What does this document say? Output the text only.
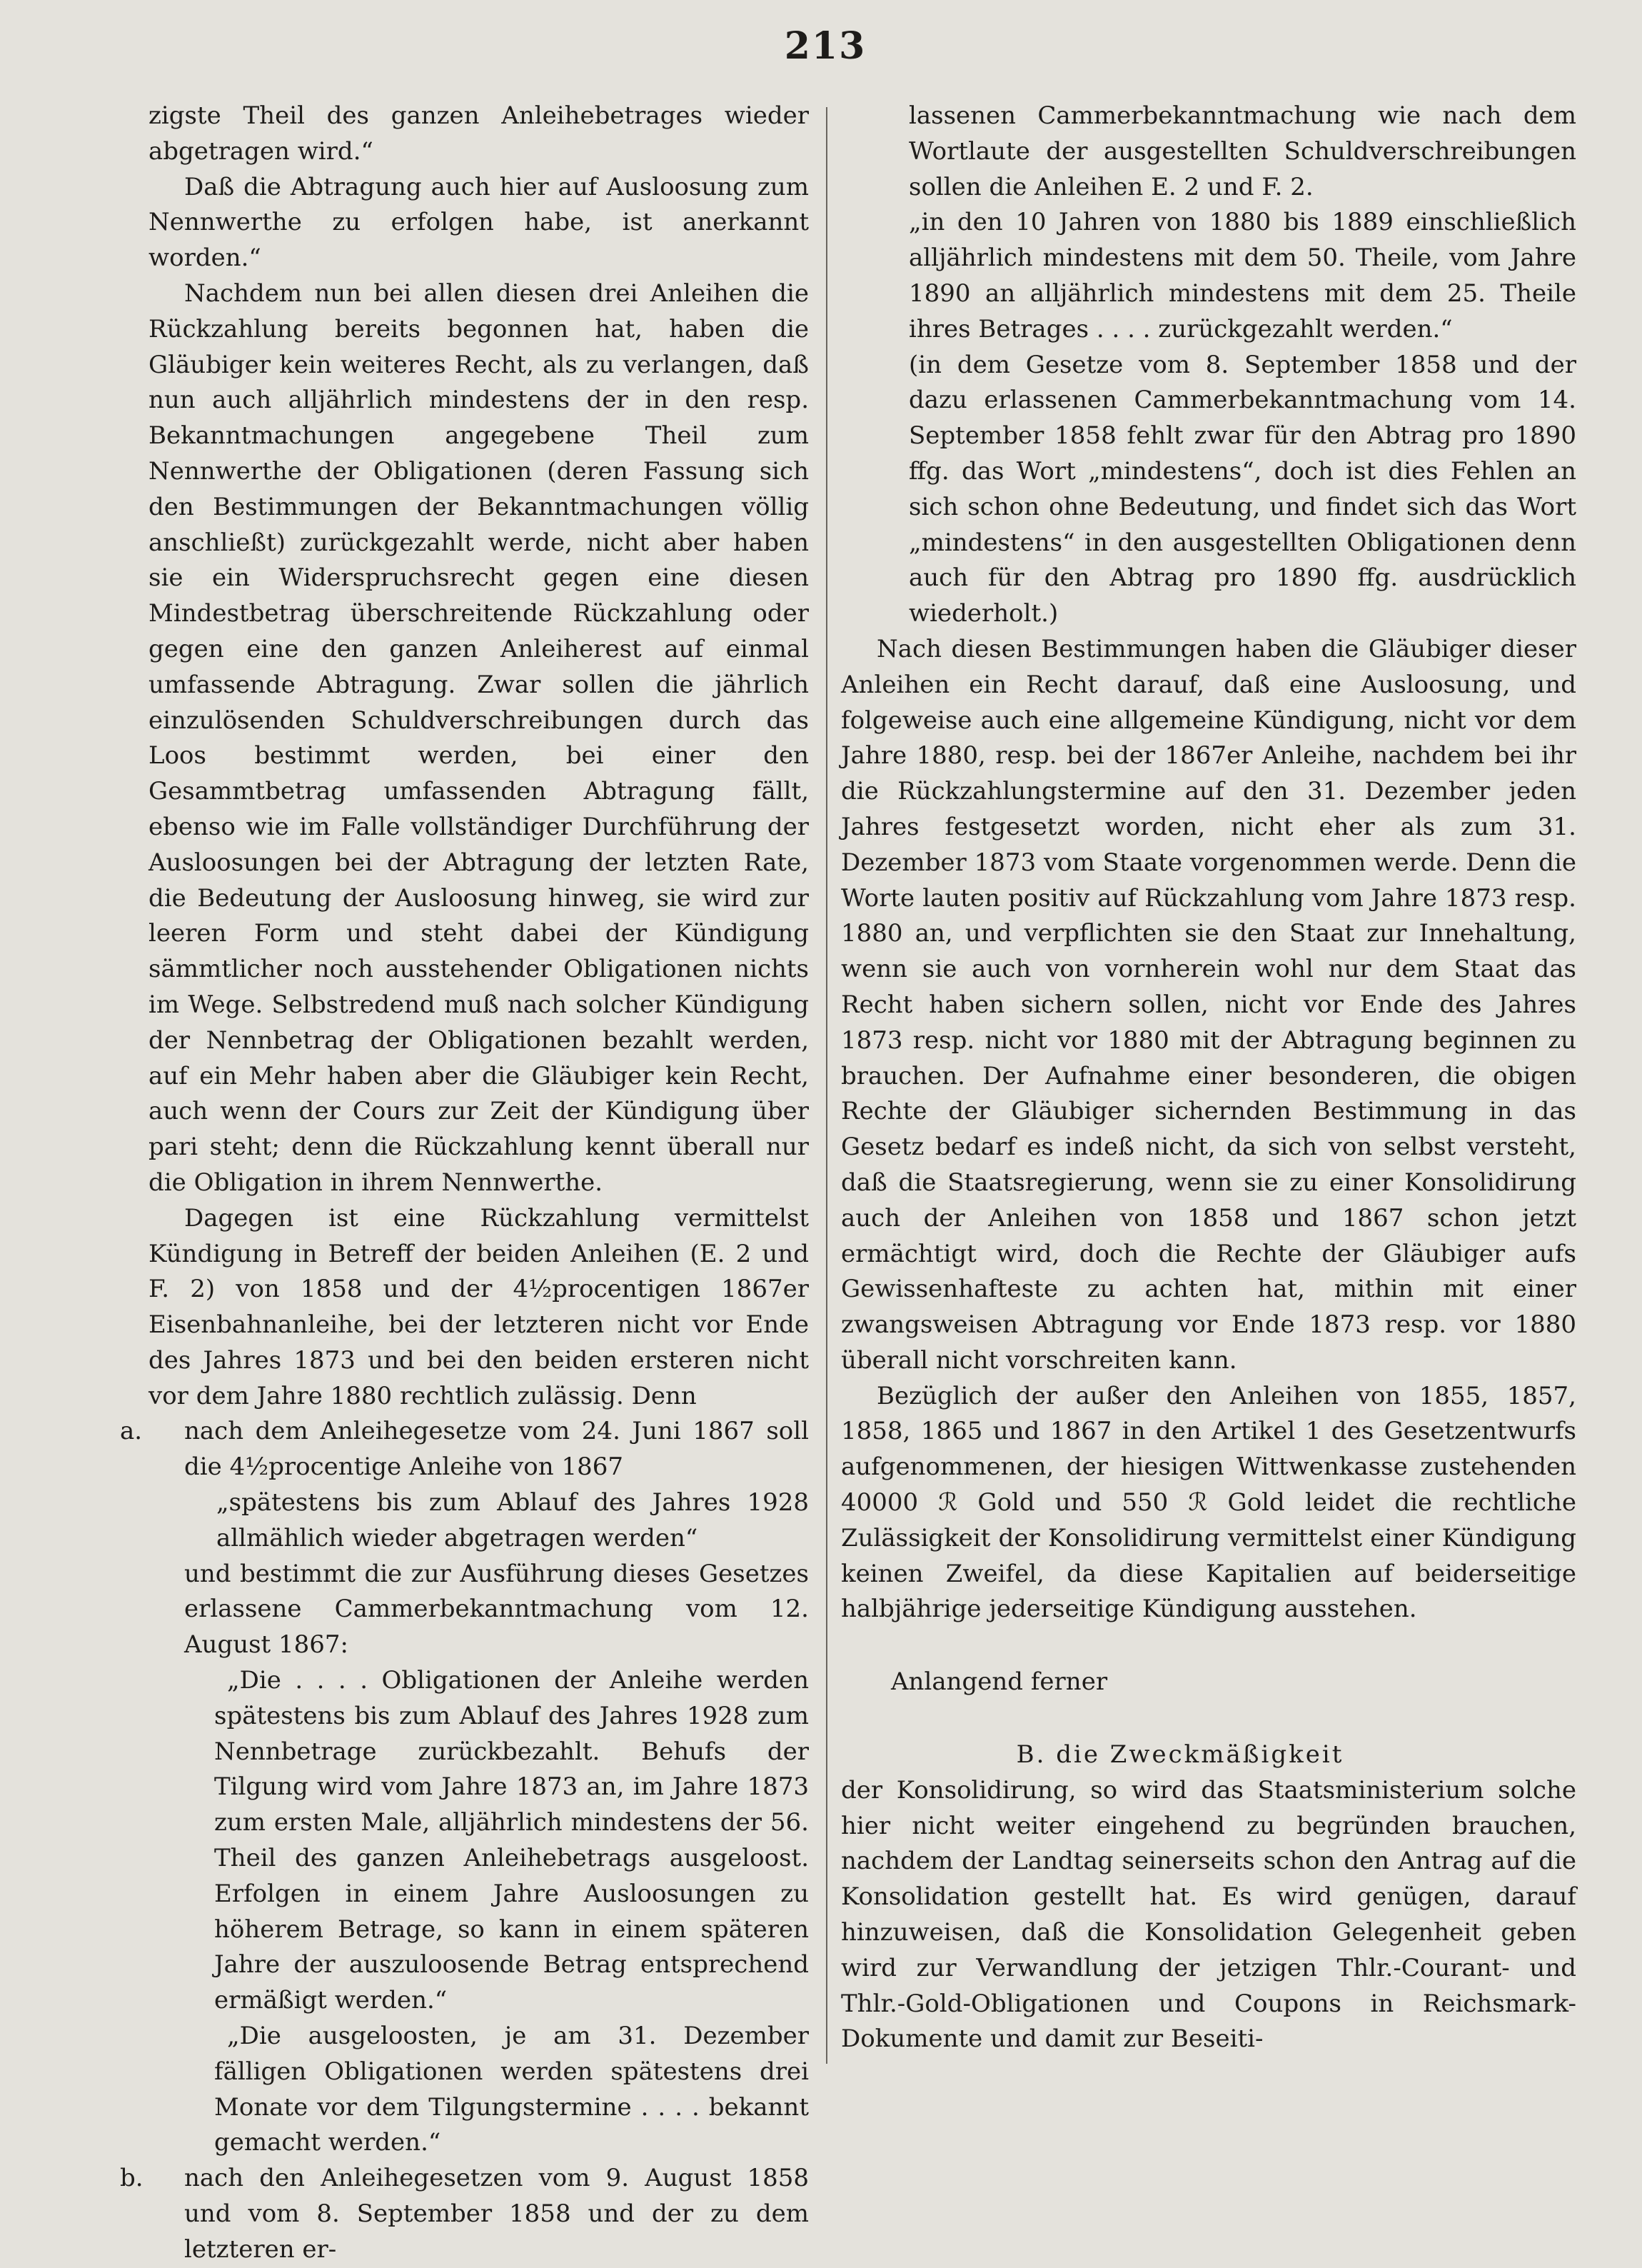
213

zigste Theil des ganzen Anleihebetrages wieder abgetragen wird.“

Daß die Abtragung auch hier auf Ausloosung zum Nennwerthe zu erfolgen habe, ist anerkannt worden.“

Nachdem nun bei allen diesen drei Anleihen die Rückzahlung bereits begonnen hat, haben die Gläubiger kein weiteres Recht, als zu verlangen, daß nun auch alljährlich mindestens der in den resp. Bekanntmachungen angegebene Theil zum Nennwerthe der Obligationen (deren Fassung sich den Bestimmungen der Bekanntmachungen völlig anschließt) zurückgezahlt werde, nicht aber haben sie ein Widerspruchsrecht gegen eine diesen Mindestbetrag überschreitende Rückzahlung oder gegen eine den ganzen Anleiherest auf einmal umfassende Abtragung. Zwar sollen die jährlich einzulösenden Schuldverschreibungen durch das Loos bestimmt werden, bei einer den Gesammtbetrag umfassenden Abtragung fällt, ebenso wie im Falle vollständiger Durchführung der Ausloosungen bei der Abtragung der letzten Rate, die Bedeutung der Ausloosung hinweg, sie wird zur leeren Form und steht dabei der Kündigung sämmtlicher noch ausstehender Obligationen nichts im Wege. Selbstredend muß nach solcher Kündigung der Nennbetrag der Obligationen bezahlt werden, auf ein Mehr haben aber die Gläubiger kein Recht, auch wenn der Cours zur Zeit der Kündigung über pari steht; denn die Rückzahlung kennt überall nur die Obligation in ihrem Nennwerthe.

Dagegen ist eine Rückzahlung vermittelst Kündigung in Betreff der beiden Anleihen (E. 2 und F. 2) von 1858 und der 4½procentigen 1867er Eisenbahnanleihe, bei der letzteren nicht vor Ende des Jahres 1873 und bei den beiden ersteren nicht vor dem Jahre 1880 rechtlich zulässig. Denn

a. nach dem Anleihegesetze vom 24. Juni 1867 soll die 4½procentige Anleihe von 1867

„spätestens bis zum Ablauf des Jahres 1928 allmählich wieder abgetragen werden“

und bestimmt die zur Ausführung dieses Gesetzes erlassene Cammerbekanntmachung vom 12. August 1867:

„Die . . . . Obligationen der Anleihe werden spätestens bis zum Ablauf des Jahres 1928 zum Nennbetrage zurückbezahlt. Behufs der Tilgung wird vom Jahre 1873 an, im Jahre 1873 zum ersten Male, alljährlich mindestens der 56. Theil des ganzen Anleihebetrags ausgeloost. Erfolgen in einem Jahre Ausloosungen zu höherem Betrage, so kann in einem späteren Jahre der auszuloosende Betrag entsprechend ermäßigt werden.“

„Die ausgeloosten, je am 31. Dezember fälligen Obligationen werden spätestens drei Monate vor dem Tilgungstermine . . . . bekannt gemacht werden.“

b. nach den Anleihegesetzen vom 9. August 1858 und vom 8. September 1858 und der zu dem letzteren er-

lassenen Cammerbekanntmachung wie nach dem Wortlaute der ausgestellten Schuldverschreibungen sollen die Anleihen E. 2 und F. 2.

„in den 10 Jahren von 1880 bis 1889 einschließlich alljährlich mindestens mit dem 50. Theile, vom Jahre 1890 an alljährlich mindestens mit dem 25. Theile ihres Betrages . . . . zurückgezahlt werden.“

(in dem Gesetze vom 8. September 1858 und der dazu erlassenen Cammerbekanntmachung vom 14. September 1858 fehlt zwar für den Abtrag pro 1890 ffg. das Wort „mindestens“, doch ist dies Fehlen an sich schon ohne Bedeutung, und findet sich das Wort „mindestens“ in den ausgestellten Obligationen denn auch für den Abtrag pro 1890 ffg. ausdrücklich wiederholt.)

Nach diesen Bestimmungen haben die Gläubiger dieser Anleihen ein Recht darauf, daß eine Ausloosung, und folgeweise auch eine allgemeine Kündigung, nicht vor dem Jahre 1880, resp. bei der 1867er Anleihe, nachdem bei ihr die Rückzahlungstermine auf den 31. Dezember jeden Jahres festgesetzt worden, nicht eher als zum 31. Dezember 1873 vom Staate vorgenommen werde. Denn die Worte lauten positiv auf Rückzahlung vom Jahre 1873 resp. 1880 an, und verpflichten sie den Staat zur Innehaltung, wenn sie auch von vornherein wohl nur dem Staat das Recht haben sichern sollen, nicht vor Ende des Jahres 1873 resp. nicht vor 1880 mit der Abtragung beginnen zu brauchen. Der Aufnahme einer besonderen, die obigen Rechte der Gläubiger sichernden Bestimmung in das Gesetz bedarf es indeß nicht, da sich von selbst versteht, daß die Staatsregierung, wenn sie zu einer Konsolidirung auch der Anleihen von 1858 und 1867 schon jetzt ermächtigt wird, doch die Rechte der Gläubiger aufs Gewissenhafteste zu achten hat, mithin mit einer zwangsweisen Abtragung vor Ende 1873 resp. vor 1880 überall nicht vorschreiten kann.

Bezüglich der außer den Anleihen von 1855, 1857, 1858, 1865 und 1867 in den Artikel 1 des Gesetzentwurfs aufgenommenen, der hiesigen Wittwenkasse zustehenden 40000 ℛ Gold und 550 ℛ Gold leidet die rechtliche Zulässigkeit der Konsolidirung vermittelst einer Kündigung keinen Zweifel, da diese Kapitalien auf beiderseitige halbjährige jederseitige Kündigung ausstehen.

Anlangend ferner

B. die Zweckmäßigkeit

der Konsolidirung, so wird das Staatsministerium solche hier nicht weiter eingehend zu begründen brauchen, nachdem der Landtag seinerseits schon den Antrag auf die Konsolidation gestellt hat. Es wird genügen, darauf hinzuweisen, daß die Konsolidation Gelegenheit geben wird zur Verwandlung der jetzigen Thlr.-Courant- und Thlr.-Gold-Obligationen und Coupons in Reichsmark-Dokumente und damit zur Beseiti-
